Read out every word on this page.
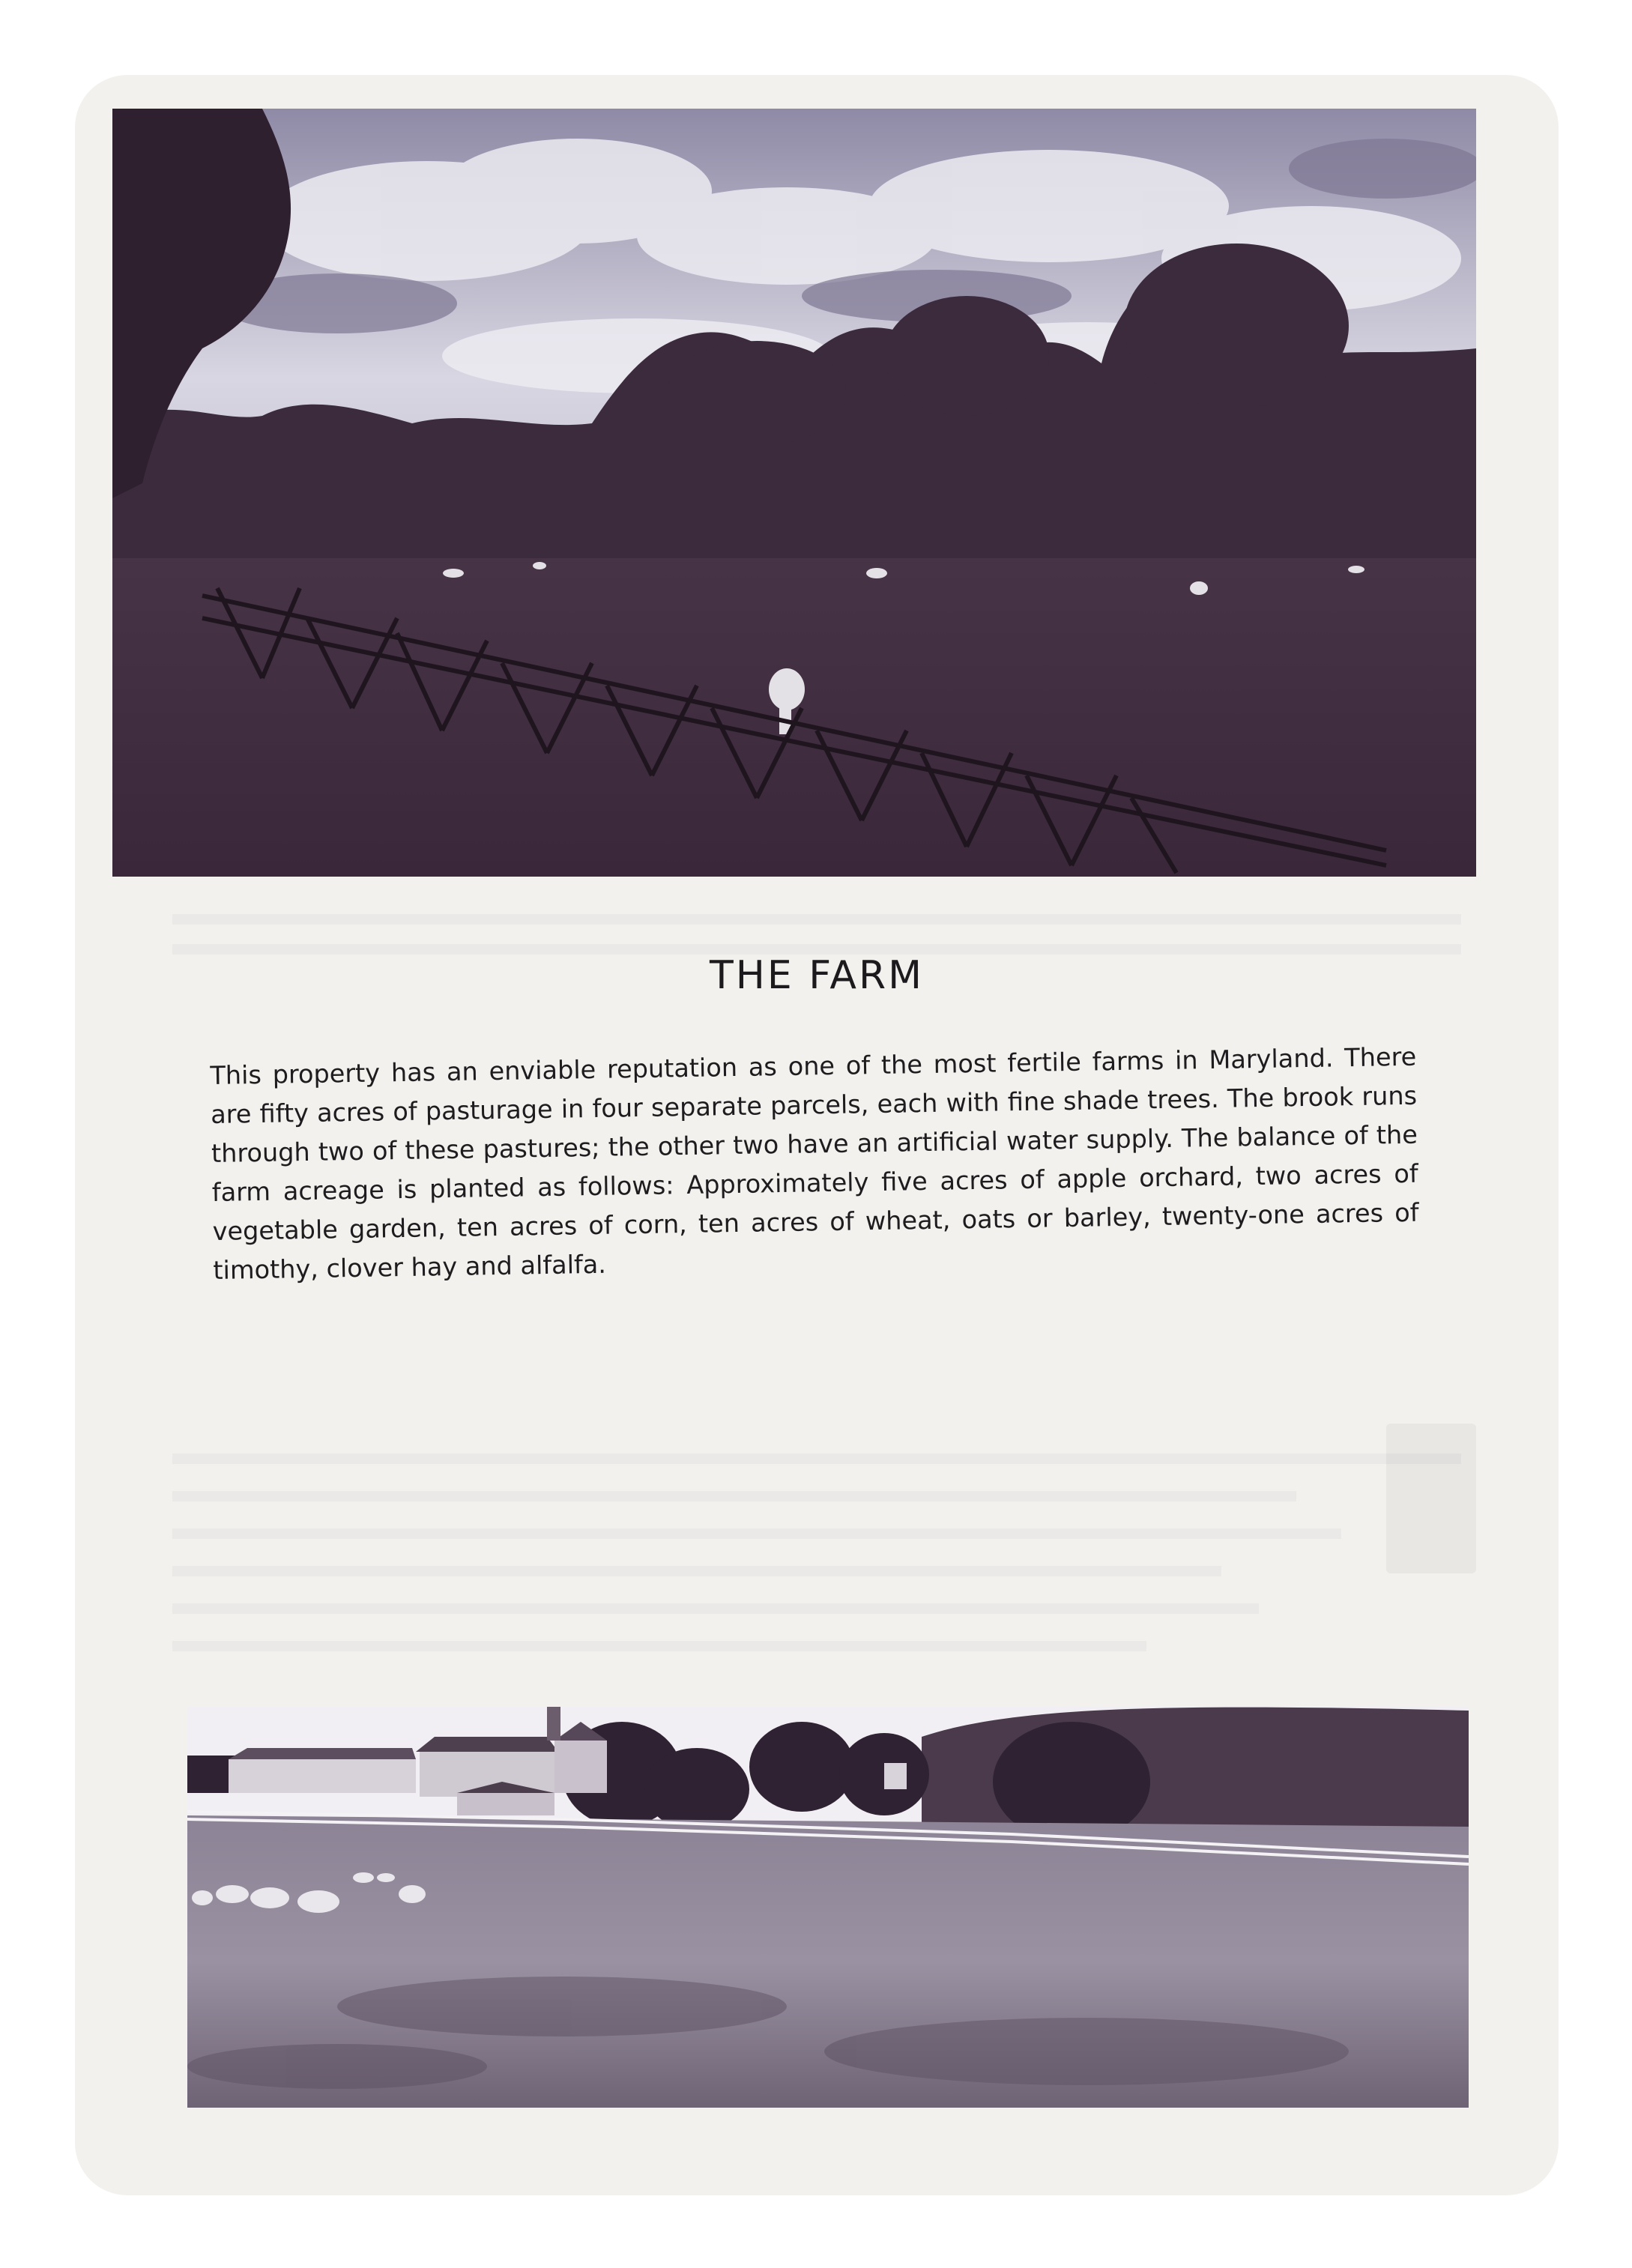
THE FARM
This property has an enviable reputation as one of the most fertile farms in Maryland. There are fifty acres of pasturage in four separate parcels, each with fine shade trees. The brook runs through two of these pastures; the other two have an artificial water supply. The balance of the farm acreage is planted as follows: Approximately five acres of apple orchard, two acres of vegetable garden, ten acres of corn, ten acres of wheat, oats or barley, twenty-one acres of timothy, clover hay and alfalfa.
